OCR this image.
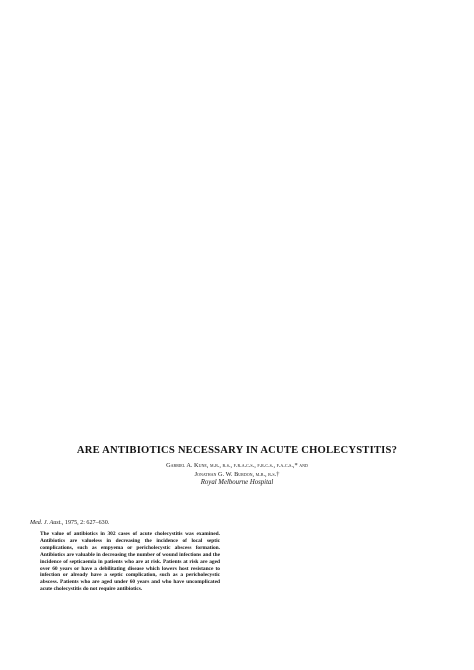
ARE ANTIBIOTICS NECESSARY IN ACUTE CHOLECYSTITIS?
Gabriel A. Kune, m.b., b.s., f.r.a.c.s., f.r.c.s., f.a.c.s.,* and
Jonathan G. W. Burdon, m.b., b.s.†
Royal Melbourne Hospital
Med. J. Aust., 1975, 2: 627–630.
The value of antibiotics in 302 cases of acute cholecystitis was examined. Antibiotics are valueless in decreasing the incidence of local septic complications, such as empyema or pericholecystic abscess formation. Antibiotics are valuable in decreasing the number of wound infections and the incidence of septicaemia in patients who are at risk. Patients at risk are aged over 60 years or have a debilitating disease which lowers host resistance to infection or already have a septic complication, such as a pericholecystic abscess. Patients who are aged under 60 years and who have uncomplicated acute cholecystitis do not require antibiotics.
